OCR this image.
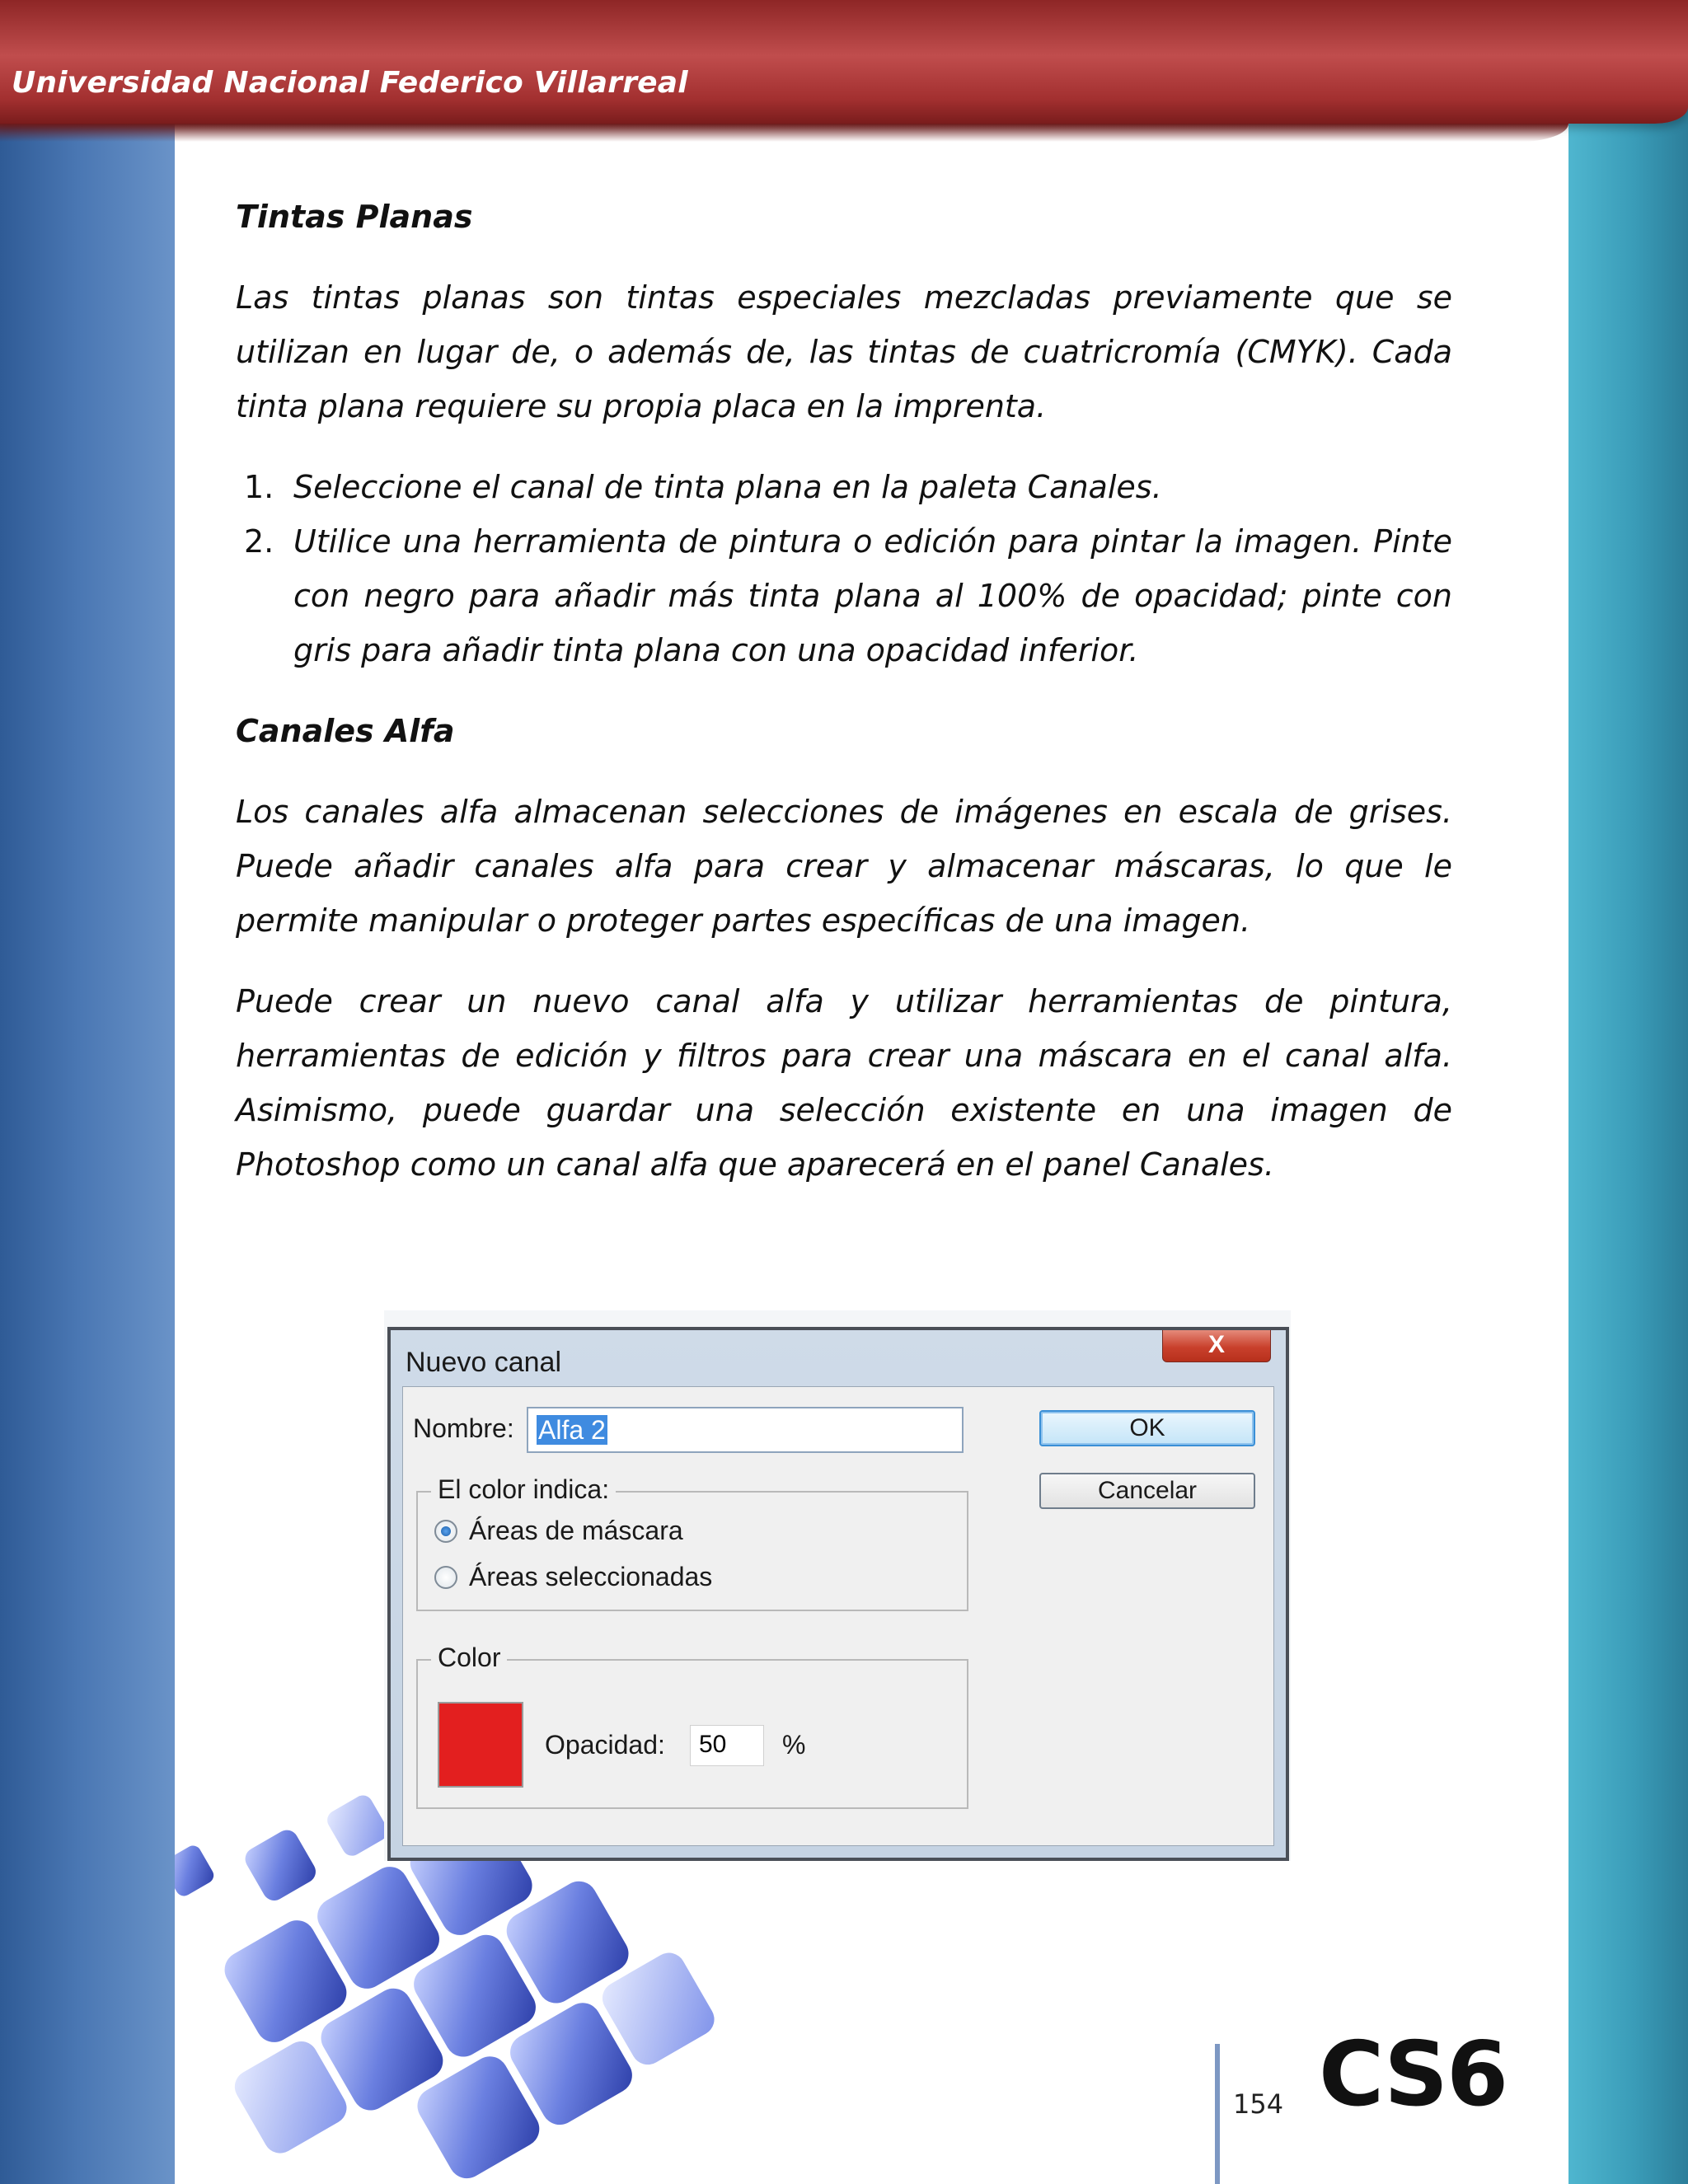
Universidad Nacional Federico Villarreal
Tintas Planas

Las tintas planas son tintas especiales mezcladas previamente que se utilizan en lugar de, o además de, las tintas de cuatricromía (CMYK). Cada tinta plana requiere su propia placa en la imprenta.

1. Seleccione el canal de tinta plana en la paleta Canales.
2. Utilice una herramienta de pintura o edición para pintar la imagen. Pinte con negro para añadir más tinta plana al 100% de opacidad; pinte con gris para añadir tinta plana con una opacidad inferior.
Canales Alfa

Los canales alfa almacenan selecciones de imágenes en escala de grises. Puede añadir canales alfa para crear y almacenar máscaras, lo que le permite manipular o proteger partes específicas de una imagen.

Puede crear un nuevo canal alfa y utilizar herramientas de pintura, herramientas de edición y filtros para crear una máscara en el canal alfa. Asimismo, puede guardar una selección existente en una imagen de Photoshop como un canal alfa que aparecerá en el panel Canales.

Nuevo canal
X
Nombre: Alfa 2	OK
Cancelar
El color indica:
Áreas de máscara
Áreas seleccionadas
Color
Opacidad:	50	%
154 CS6
